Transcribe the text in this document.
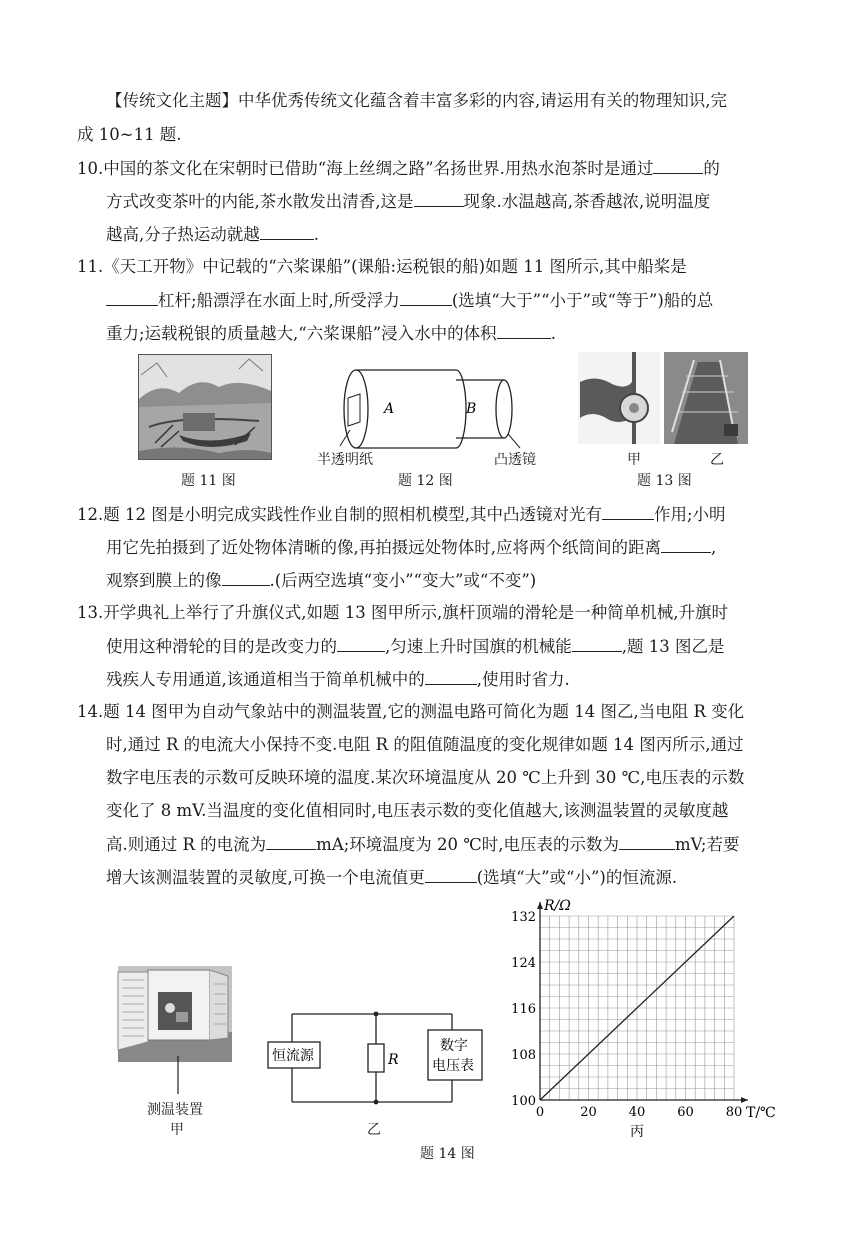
【传统文化主题】中华优秀传统文化蕴含着丰富多彩的内容,请运用有关的物理知识,完
成 10~11 题.
10.中国的茶文化在宋朝时已借助“海上丝绸之路”名扬世界.用热水泡茶时是通过	的
方式改变茶叶的内能,茶水散发出清香,这是	现象.水温越高,茶香越浓,说明温度
越高,分子热运动就越	.
11.《天工开物》中记载的“六桨课船”(课船:运税银的船)如题 11 图所示,其中船桨是
杠杆;船漂浮在水面上时,所受浮力	(选填“大于”“小于”或“等于”)船的总
重力;运载税银的质量越大,“六桨课船”浸入水中的体积	.
题 11 图
A	B
半透明纸	凸透镜
题 12 图
甲	乙
题 13 图
12.题 12 图是小明完成实践性作业自制的照相机模型,其中凸透镜对光有	作用;小明
用它先拍摄到了近处物体清晰的像,再拍摄远处物体时,应将两个纸筒间的距离	,
观察到膜上的像	.(后两空选填“变小”“变大”或“不变”)
13.开学典礼上举行了升旗仪式,如题 13 图甲所示,旗杆顶端的滑轮是一种简单机械,升旗时
使用这种滑轮的目的是改变力的	,匀速上升时国旗的机械能	,题 13 图乙是
残疾人专用通道,该通道相当于简单机械中的	,使用时省力.
14.题 14 图甲为自动气象站中的测温装置,它的测温电路可简化为题 14 图乙,当电阻 R 变化
时,通过 R 的电流大小保持不变.电阻 R 的阻值随温度的变化规律如题 14 图丙所示,通过
数字电压表的示数可反映环境的温度.某次环境温度从 20 ℃上升到 30 ℃,电压表的示数
变化了 8 mV.当温度的变化值相同时,电压表示数的变化值越大,该测温装置的灵敏度越
高.则通过 R 的电流为	mA;环境温度为 20 ℃时,电压表的示数为	mV;若要
增大该测温装置的灵敏度,可换一个电流值更	(选填“大”或“小”)的恒流源.
测温装置
甲
恒流源	R
数字
电压表
乙
题 14 图
0	20 40 60 80
100
108
116
124
132
R/Ω
T/℃
丙
